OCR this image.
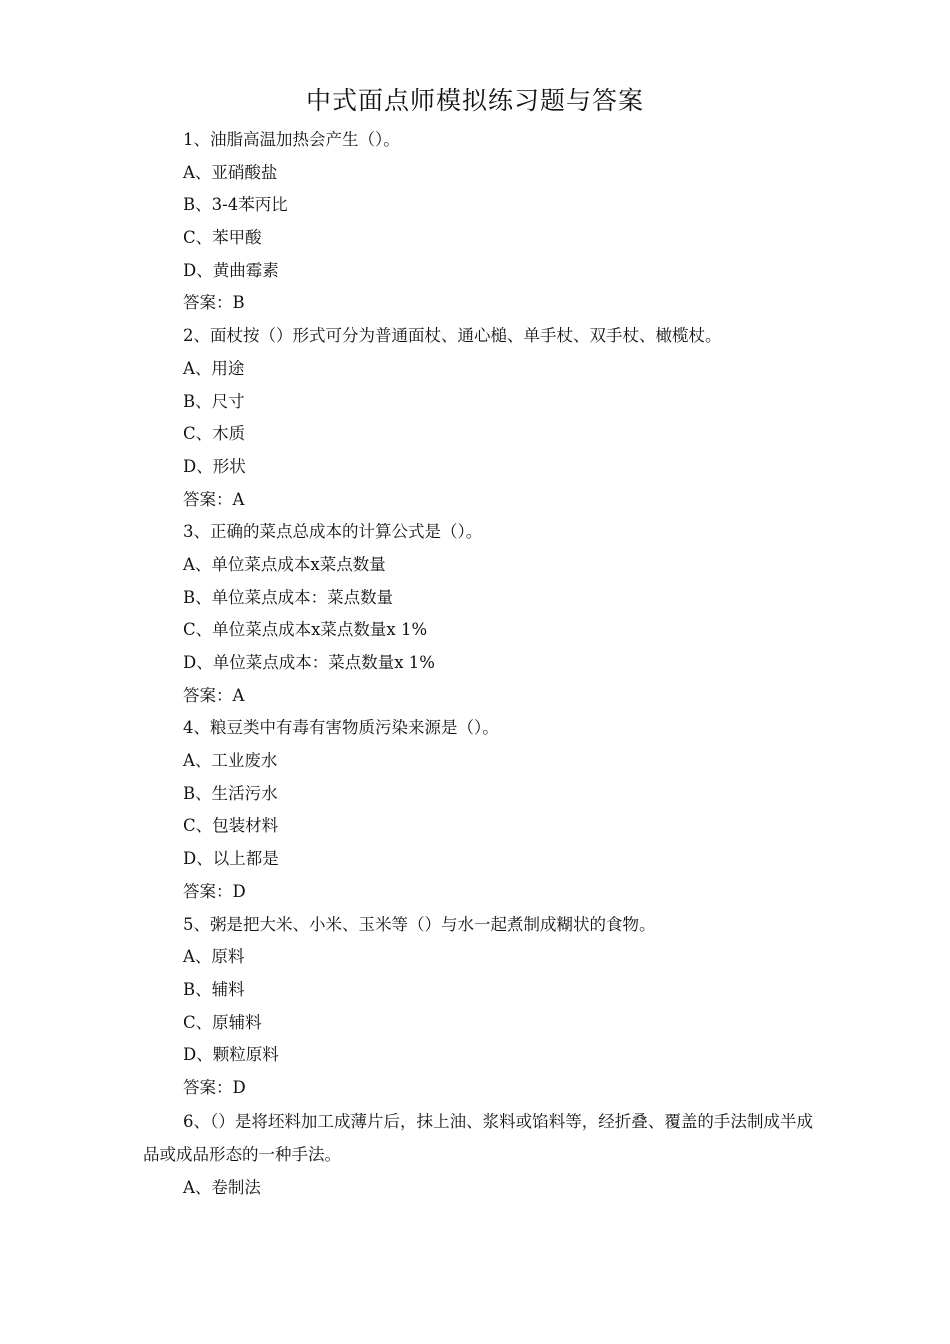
中式面点师模拟练习题与答案
1、油脂高温加热会产生（）。
A、亚硝酸盐
B、3-4苯丙比
C、苯甲酸
D、黄曲霉素
答案：B
2、面杖按（）形式可分为普通面杖、通心槌、单手杖、双手杖、橄榄杖。
A、用途
B、尺寸
C、木质
D、形状
答案：A
3、正确的菜点总成本的计算公式是（）。
A、单位菜点成本x菜点数量
B、单位菜点成本：菜点数量
C、单位菜点成本x菜点数量x 1%
D、单位菜点成本：菜点数量x 1%
答案：A
4、粮豆类中有毒有害物质污染来源是（）。
A、工业废水
B、生活污水
C、包装材料
D、以上都是
答案：D
5、粥是把大米、小米、玉米等（）与水一起煮制成糊状的食物。
A、原料
B、辅料
C、原辅料
D、颗粒原料
答案：D
6、（）是将坯料加工成薄片后，抹上油、浆料或馅料等，经折叠、覆盖的手法制成半成品或成品形态的一种手法。
A、卷制法
